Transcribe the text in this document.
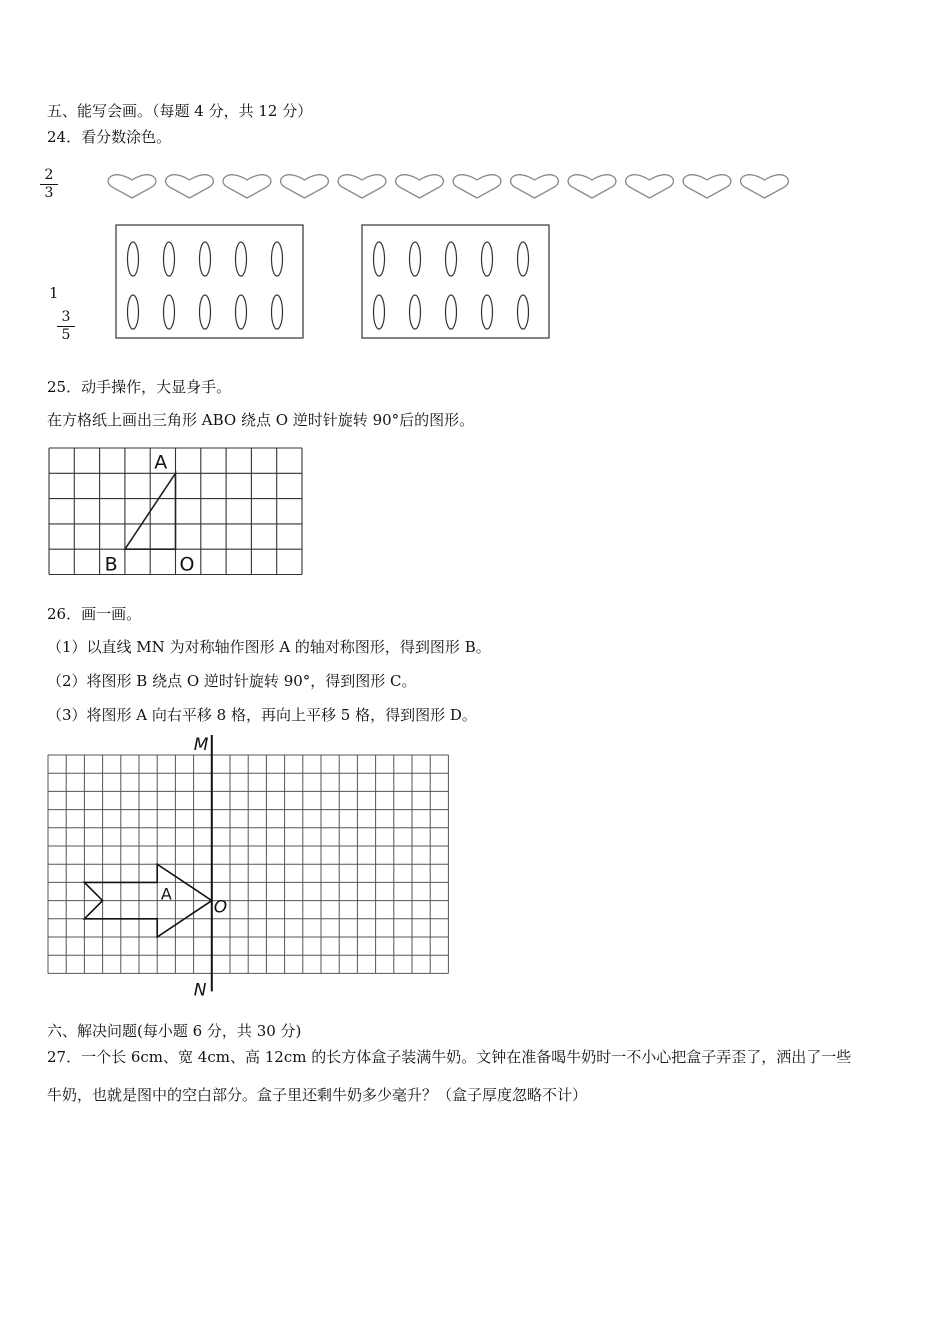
五、能写会画。（每题 4 分，共 12 分）
24．看分数涂色。
2
3
1
3
5
25．动手操作，大显身手。
在方格纸上画出三角形 ABO 绕点 O 逆时针旋转 90°后的图形。
A
B	O
26．画一画。
（1）以直线 MN 为对称轴作图形 A 的轴对称图形，得到图形 B。
（2）将图形 B 绕点 O 逆时针旋转 90°，得到图形 C。
（3）将图形 A 向右平移 8 格，再向上平移 5 格，得到图形 D。
M
N
A
O
六、解决问题(每小题 6 分，共 30 分)
27．一个长 6cm、宽 4cm、高 12cm 的长方体盒子装满牛奶。文钟在准备喝牛奶时一不小心把盒子弄歪了，洒出了一些
牛奶，也就是图中的空白部分。盒子里还剩牛奶多少毫升？（盒子厚度忽略不计）
